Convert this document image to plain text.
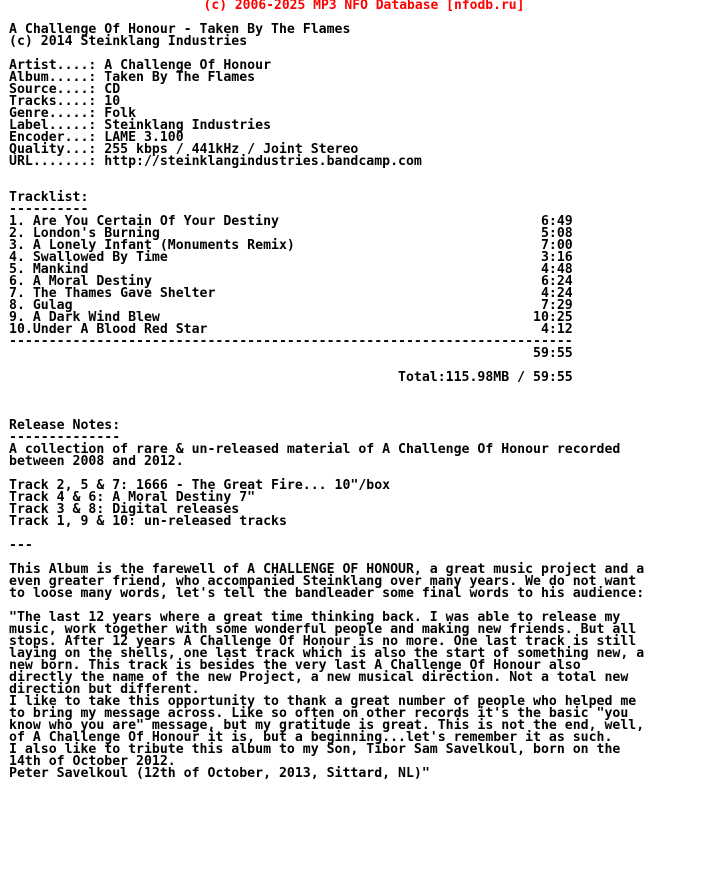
(c) 2006-2025 MP3 NFO Database [nfodb.ru]
A Challenge Of Honour - Taken By The Flames
(c) 2014 Steinklang Industries
Artist....: A Challenge Of Honour
Album.....: Taken By The Flames
Source....: CD
Tracks....: 10
Genre.....: Folk
Label.....: Steinklang Industries
Encoder...: LAME 3.100
Quality...: 255 kbps / 441kHz / Joint Stereo
URL.......: http://steinklangindustries.bandcamp.com
Tracklist:
----------
1. Are You Certain Of Your Destiny                                 6:49
2. London's Burning                                                5:08
3. A Lonely Infant (Monuments Remix)                               7:00
4. Swallowed By Time                                               3:16
5. Mankind                                                         4:48
6. A Moral Destiny                                                 6:24
7. The Thames Gave Shelter                                         4:24
8. Gulag                                                           7:29
9. A Dark Wind Blew                                               10:25
10.Under A Blood Red Star                                          4:12
-----------------------------------------------------------------------
59:55
Total:115.98MB / 59:55
Release Notes:
--------------
A collection of rare & un-released material of A Challenge Of Honour recorded
between 2008 and 2012.
Track 2, 5 & 7: 1666 - The Great Fire... 10"/box
Track 4 & 6: A Moral Destiny 7"
Track 3 & 8: Digital releases
Track 1, 9 & 10: un-released tracks
---
This Album is the farewell of A CHALLENGE OF HONOUR, a great music project and a
even greater friend, who accompanied Steinklang over many years. We do not want
to loose many words, let's tell the bandleader some final words to his audience:
"The last 12 years where a great time thinking back. I was able to release my
music, work together with some wonderful people and making new friends. But all
stops. After 12 years A Challenge Of Honour is no more. One last track is still
laying on the shells, one last track which is also the start of something new, a
new born. This track is besides the very last A Challenge Of Honour also
directly the name of the new Project, a new musical direction. Not a total new
direction but different.
I like to take this opportunity to thank a great number of people who helped me
to bring my message across. Like so often on other records it's the basic "you
know who you are" message, but my gratitude is great. This is not the end, well,
of A Challenge Of Honour it is, but a beginning...let's remember it as such.
I also like to tribute this album to my Son, Tibor Sam Savelkoul, born on the
14th of October 2012.
Peter Savelkoul (12th of October, 2013, Sittard, NL)"
